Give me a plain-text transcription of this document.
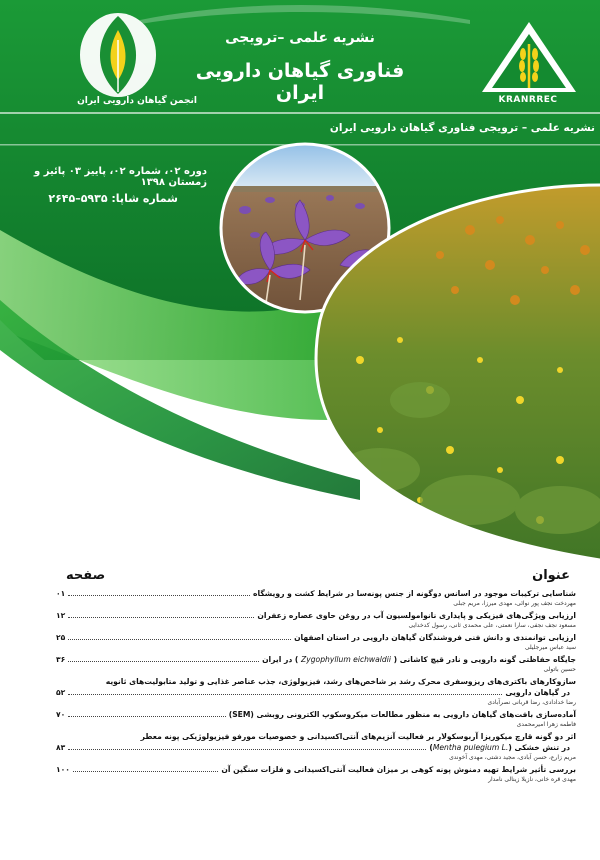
نشریه علمی –ترویجی
فناوری گیاهان دارویی ایران
انجمن گیاهان دارویی ایران	KRANRREC
نشریه علمی – ترویجی فناوری گیاهان دارویی ایران
دوره ۰۲، شماره ۰۲، پاییز ۰۳ پائیز و زمستان ۱۳۹۸
شماره شاپا: ۵۹۳۵–۲۶۴۵
عنوان
صفحه
شناسایی ترکیبات موجود در اسانس دوگونه از جنس پونه‌سا در شرایط کشت و رویشگاه
۰۱
مهردخت نجف پور نوائی، مهدی میرزا، مریم جبلی
ارزیابی ویژگی‌های فیزیکی و پایداری نانوامولسیون آب در روغن حاوی عصاره زعفران
۱۲
مسعود نجف نجفی، سارا نعمتی، علی محمدی ثانی، رسول کدخدایی
ارزیابی توانمندی و دانش فنی فروشندگان گیاهان دارویی در استان اصفهان
۲۵
سید عباس میرجلیلی
جایگاه حفاظتی گونه دارویی و نادر قیچ کاشانی ( Zygophyllum eichwaldii ) در ایران
۳۶
حسین باتولی
سازوکارهای باکتری‌های ریزوسفری محرک رشد بر شاخص‌های رشد، فیزیولوژی، جذب عناصر غذایی و تولید متابولیت‌های ثانویه
در گیاهان دارویی
۵۲
رضا خدادادی، رضا قربانی نصرآبادی
آماده‌سازی بافت‌های گیاهان دارویی به منظور مطالعات میکروسکوپ الکترونی روبشی (SEM)
۷۰
فاطمه زهرا امیرمحمدی
اثر دو گونه قارچ میکوریزا آربوسکولار بر فعالیت آنزیم‌های آنتی‌اکسیدانی و خصوصیات مورفو فیزیولوژیکی پونه معطر
در تنش خشکی (Mentha pulegium L.)
۸۳
مریم زارع، حسن آبادی، مجید دشتی، مهدی آخوندی
بررسی تأثیر شرایط تهیه دمنوش پونه کوهی بر میزان فعالیت آنتی‌اکسیدانی و فلزات سنگین آن
۱۰۰
مهدی قره خانی، نازیلا زینالی نامدار
